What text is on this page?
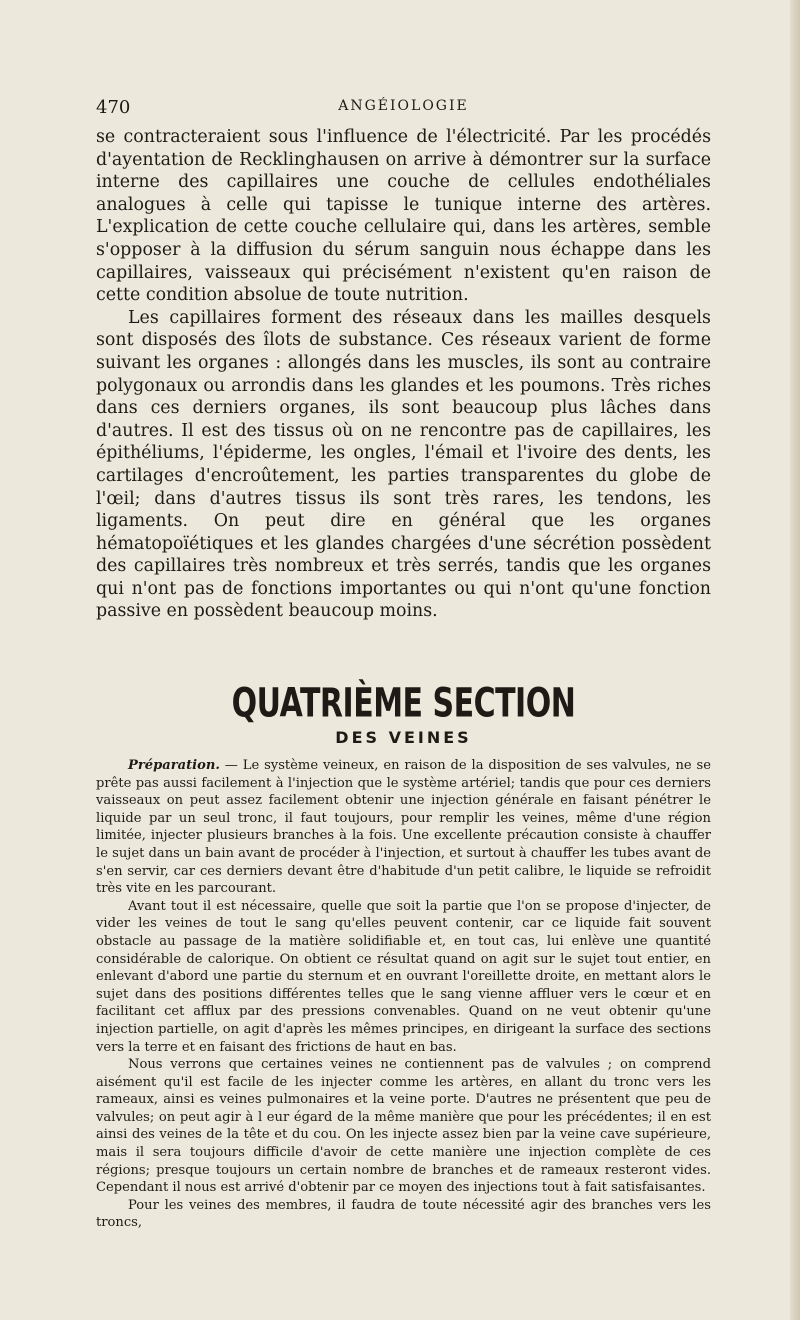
470	ANGÉIOLOGIE

se contracteraient sous l'influence de l'électricité. Par les procédés d'ayentation de Recklinghausen on arrive à démontrer sur la surface interne des capillaires une couche de cellules endothéliales analogues à celle qui tapisse le tunique interne des artères. L'explication de cette couche cellulaire qui, dans les artères, semble s'opposer à la diffusion du sérum sanguin nous échappe dans les capillaires, vaisseaux qui précisément n'existent qu'en raison de cette condition absolue de toute nutrition.

Les capillaires forment des réseaux dans les mailles desquels sont disposés des îlots de substance. Ces réseaux varient de forme suivant les organes : allongés dans les muscles, ils sont au contraire polygonaux ou arrondis dans les glandes et les poumons. Très riches dans ces derniers organes, ils sont beaucoup plus lâches dans d'autres. Il est des tissus où on ne rencontre pas de capillaires, les épithéliums, l'épiderme, les ongles, l'émail et l'ivoire des dents, les cartilages d'encroûtement, les parties transparentes du globe de l'œil; dans d'autres tissus ils sont très rares, les tendons, les ligaments. On peut dire en général que les organes hématopoïétiques et les glandes chargées d'une sécrétion possèdent des capillaires très nombreux et très serrés, tandis que les organes qui n'ont pas de fonctions importantes ou qui n'ont qu'une fonction passive en possèdent beaucoup moins.

QUATRIÈME SECTION
DES VEINES

Préparation. — Le système veineux, en raison de la disposition de ses valvules, ne se prête pas aussi facilement à l'injection que le système artériel; tandis que pour ces derniers vaisseaux on peut assez facilement obtenir une injection générale en faisant pénétrer le liquide par un seul tronc, il faut toujours, pour remplir les veines, même d'une région limitée, injecter plusieurs branches à la fois. Une excellente précaution consiste à chauffer le sujet dans un bain avant de procéder à l'injection, et surtout à chauffer les tubes avant de s'en servir, car ces derniers devant être d'habitude d'un petit calibre, le liquide se refroidit très vite en les parcourant.

Avant tout il est nécessaire, quelle que soit la partie que l'on se propose d'injecter, de vider les veines de tout le sang qu'elles peuvent contenir, car ce liquide fait souvent obstacle au passage de la matière solidifiable et, en tout cas, lui enlève une quantité considérable de calorique. On obtient ce résultat quand on agit sur le sujet tout entier, en enlevant d'abord une partie du sternum et en ouvrant l'oreillette droite, en mettant alors le sujet dans des positions différentes telles que le sang vienne affluer vers le cœur et en facilitant cet afflux par des pressions convenables. Quand on ne veut obtenir qu'une injection partielle, on agit d'après les mêmes principes, en dirigeant la surface des sections vers la terre et en faisant des frictions de haut en bas.

Nous verrons que certaines veines ne contiennent pas de valvules ; on comprend aisément qu'il est facile de les injecter comme les artères, en allant du tronc vers les rameaux, ainsi es veines pulmonaires et la veine porte. D'autres ne présentent que peu de valvules; on peut agir à l eur égard de la même manière que pour les précédentes; il en est ainsi des veines de la tête et du cou. On les injecte assez bien par la veine cave supérieure, mais il sera toujours difficile d'avoir de cette manière une injection complète de ces régions; presque toujours un certain nombre de branches et de rameaux resteront vides. Cependant il nous est arrivé d'obtenir par ce moyen des injections tout à fait satisfaisantes.

Pour les veines des membres, il faudra de toute nécessité agir des branches vers les troncs,
